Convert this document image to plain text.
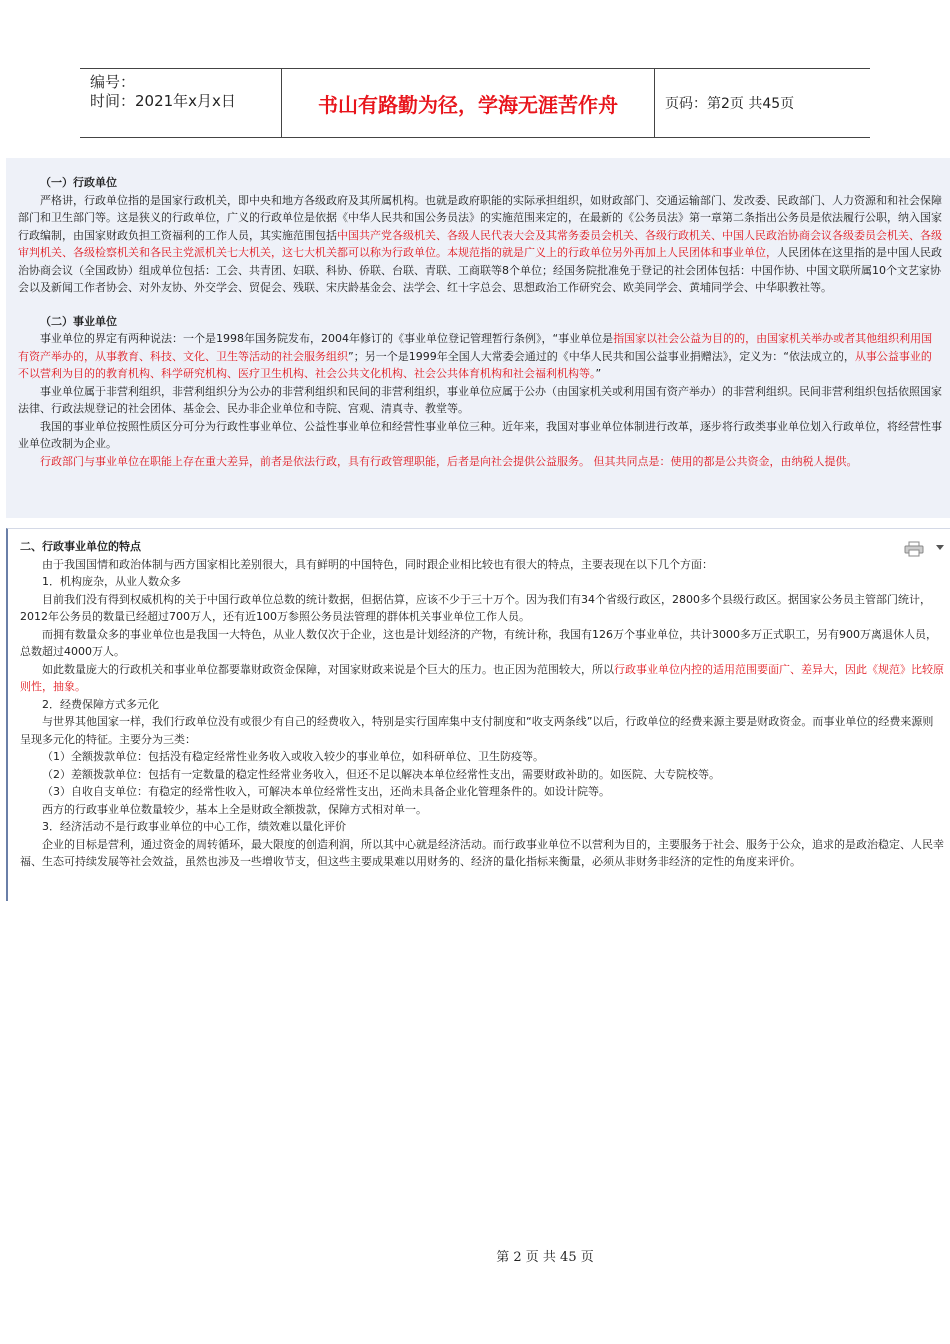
编号：
时间：2021年x月x日	书山有路勤为径，学海无涯苦作舟	页码：第2页 共45页

（一）行政单位

严格讲，行政单位指的是国家行政机关，即中央和地方各级政府及其所属机构。也就是政府职能的实际承担组织，如财政部门、交通运输部门、发改委、民政部门、人力资源和和社会保障部门和卫生部门等。这是狭义的行政单位，广义的行政单位是依据《中华人民共和国公务员法》的实施范围来定的，在最新的《公务员法》第一章第二条指出公务员是依法履行公职，纳入国家行政编制，由国家财政负担工资福利的工作人员，其实施范围包括中国共产党各级机关、各级人民代表大会及其常务委员会机关、各级行政机关、中国人民政治协商会议各级委员会机关、各级审判机关、各级检察机关和各民主党派机关七大机关，这七大机关都可以称为行政单位。本规范指的就是广义上的行政单位另外再加上人民团体和事业单位，人民团体在这里指的是中国人民政治协商会议（全国政协）组成单位包括：工会、共青团、妇联、科协、侨联、台联、青联、工商联等8个单位；经国务院批准免于登记的社会团体包括：中国作协、中国文联所属10个文艺家协会以及新闻工作者协会、对外友协、外交学会、贸促会、残联、宋庆龄基金会、法学会、红十字总会、思想政治工作研究会、欧美同学会、黄埔同学会、中华职教社等。

（二）事业单位

事业单位的界定有两种说法：一个是1998年国务院发布，2004年修订的《事业单位登记管理暂行条例》，“事业单位是指国家以社会公益为目的的，由国家机关举办或者其他组织利用国有资产举办的，从事教育、科技、文化、卫生等活动的社会服务组织”；另一个是1999年全国人大常委会通过的《中华人民共和国公益事业捐赠法》，定义为：“依法成立的，从事公益事业的不以营利为目的的教育机构、科学研究机构、医疗卫生机构、社会公共文化机构、社会公共体育机构和社会福利机构等。”

事业单位属于非营利组织，非营利组织分为公办的非营利组织和民间的非营利组织，事业单位应属于公办（由国家机关或利用国有资产举办）的非营利组织。民间非营利组织包括依照国家法律、行政法规登记的社会团体、基金会、民办非企业单位和寺院、宫观、清真寺、教堂等。

我国的事业单位按照性质区分可分为行政性事业单位、公益性事业单位和经营性事业单位三种。近年来，我国对事业单位体制进行改革，逐步将行政类事业单位划入行政单位，将经营性事业单位改制为企业。

行政部门与事业单位在职能上存在重大差异，前者是依法行政，具有行政管理职能，后者是向社会提供公益服务。 但其共同点是：使用的都是公共资金，由纳税人提供。

二、行政事业单位的特点

由于我国国情和政治体制与西方国家相比差别很大，具有鲜明的中国特色，同时跟企业相比较也有很大的特点，主要表现在以下几个方面：

1．机构庞杂，从业人数众多

目前我们没有得到权威机构的关于中国行政单位总数的统计数据，但据估算，应该不少于三十万个。因为我们有34个省级行政区，2800多个县级行政区。据国家公务员主管部门统计，2012年公务员的数量已经超过700万人，还有近100万参照公务员法管理的群体机关事业单位工作人员。

而拥有数量众多的事业单位也是我国一大特色，从业人数仅次于企业，这也是计划经济的产物，有统计称，我国有126万个事业单位，共计3000多万正式职工，另有900万离退休人员，总数超过4000万人。

如此数量庞大的行政机关和事业单位都要靠财政资金保障，对国家财政来说是个巨大的压力。也正因为范围较大，所以行政事业单位内控的适用范围要面广、差异大，因此《规范》比较原则性，抽象。

2．经费保障方式多元化

与世界其他国家一样，我们行政单位没有或很少有自己的经费收入，特别是实行国库集中支付制度和“收支两条线”以后，行政单位的经费来源主要是财政资金。而事业单位的经费来源则呈现多元化的特征。主要分为三类：

（1）全额拨款单位：包括没有稳定经常性业务收入或收入较少的事业单位，如科研单位、卫生防疫等。

（2）差额拨款单位：包括有一定数量的稳定性经常业务收入，但还不足以解决本单位经常性支出，需要财政补助的。如医院、大专院校等。

（3）自收自支单位：有稳定的经常性收入，可解决本单位经常性支出，还尚未具备企业化管理条件的。如设计院等。

西方的行政事业单位数量较少，基本上全是财政全额拨款，保障方式相对单一。

3．经济活动不是行政事业单位的中心工作，绩效难以量化评价

企业的目标是营利，通过资金的周转循环，最大限度的创造利润，所以其中心就是经济活动。而行政事业单位不以营利为目的，主要服务于社会、服务于公众，追求的是政治稳定、人民幸福、生态可持续发展等社会效益，虽然也涉及一些增收节支，但这些主要成果难以用财务的、经济的量化指标来衡量，必须从非财务非经济的定性的角度来评价。

第 2 页 共 45 页
